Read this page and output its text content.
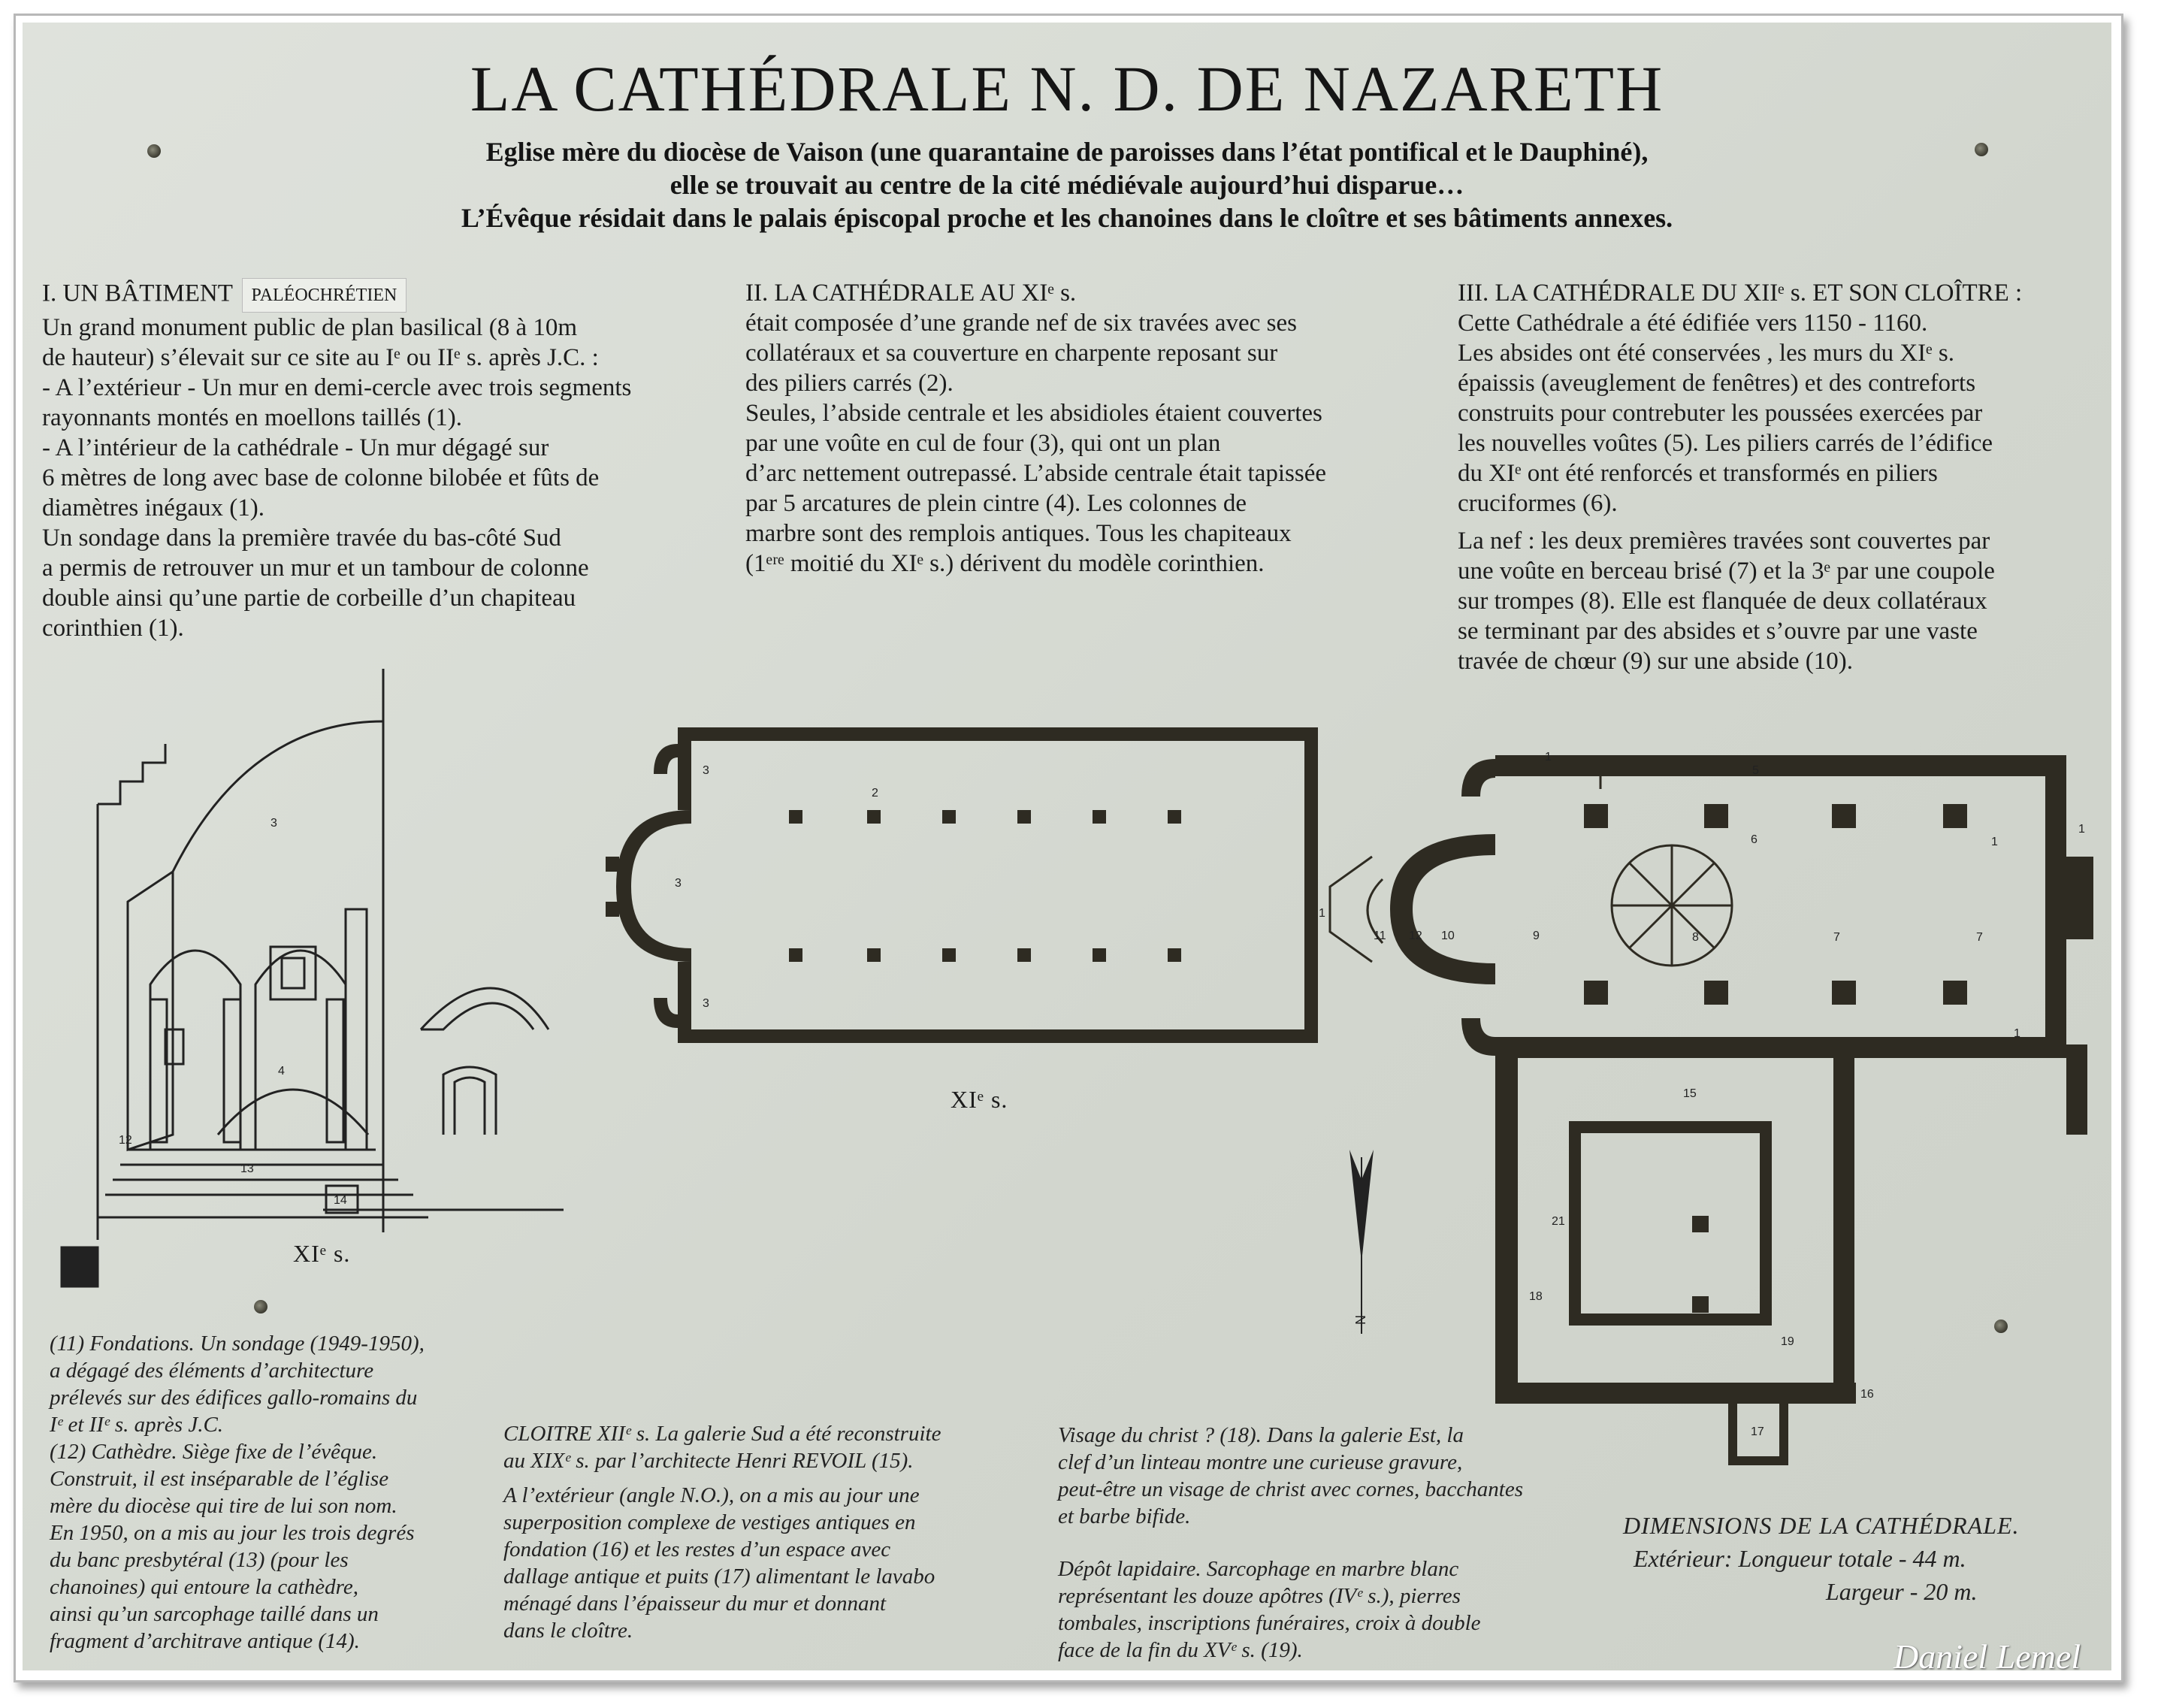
LA CATHÉDRALE N. D. DE NAZARETH
Eglise mère du diocèse de Vaison (une quarantaine de paroisses dans l’état pontifical et le Dauphiné),
elle se trouvait au centre de la cité médiévale aujourd’hui disparue…
L’Évêque résidait dans le palais épiscopal proche et les chanoines dans le cloître et ses bâtiments annexes.
I. UN BÂTIMENT PALÉOCHRÉTIEN
Un grand monument public de plan basilical (8 à 10m
de hauteur) s’élevait sur ce site au Iᵉ ou IIᵉ s. après J.C. :
- A l’extérieur - Un mur en demi-cercle avec trois segments
rayonnants montés en moellons taillés (1).
- A l’intérieur de la cathédrale - Un mur dégagé sur
6 mètres de long avec base de colonne bilobée et fûts de
diamètres inégaux (1).
Un sondage dans la première travée du bas-côté Sud
a permis de retrouver un mur et un tambour de colonne
double ainsi qu’une partie de corbeille d’un chapiteau
corinthien (1).
II. LA CATHÉDRALE AU XIᵉ s.
était composée d’une grande nef de six travées avec ses
collatéraux et sa couverture en charpente reposant sur
des piliers carrés (2).
Seules, l’abside centrale et les absidioles étaient couvertes
par une voûte en cul de four (3), qui ont un plan
d’arc nettement outrepassé. L’abside centrale était tapissée
par 5 arcatures de plein cintre (4). Les colonnes de
marbre sont des remplois antiques. Tous les chapiteaux
(1ᵉʳᵉ moitié du XIᵉ s.) dérivent du modèle corinthien.
III. LA CATHÉDRALE DU XIIᵉ s. ET SON CLOÎTRE :
Cette Cathédrale a été édifiée vers 1150 - 1160.
Les absides ont été conservées , les murs du XIᵉ s.
épaissis (aveuglement de fenêtres) et des contreforts
construits pour contrebuter les poussées exercées par
les nouvelles voûtes (5). Les piliers carrés de l’édifice
du XIᵉ ont été renforcés et transformés en piliers
cruciformes (6).
La nef : les deux premières travées sont couvertes par
une voûte en berceau brisé (7) et la 3ᵉ par une coupole
sur trompes (8). Elle est flanquée de deux collatéraux
se terminant par des absides et s’ouvre par une vaste
travée de chœur (9) sur une abside (10).
3
4
12
13
14
3
2
3
3
1
5
6	1
1
11 12 10	9	8	7	7
1
1
15
21
18
19
16
17
N
XIᵉ s.
XIᵉ s.
(11) Fondations. Un sondage (1949-1950),
a dégagé des éléments d’architecture
prélevés sur des édifices gallo-romains du
Iᵉ et IIᵉ s. après J.C.
(12) Cathèdre. Siège fixe de l’évêque.
Construit, il est inséparable de l’église
mère du diocèse qui tire de lui son nom.
En 1950, on a mis au jour les trois degrés
du banc presbytéral (13) (pour les
chanoines) qui entoure la cathèdre,
ainsi qu’un sarcophage taillé dans un
fragment d’architrave antique (14).
CLOITRE XIIᵉ s. La galerie Sud a été reconstruite
au XIXᵉ s. par l’architecte Henri REVOIL (15).
A l’extérieur (angle N.O.), on a mis au jour une
superposition complexe de vestiges antiques en
fondation (16) et les restes d’un espace avec
dallage antique et puits (17) alimentant le lavabo
ménagé dans l’épaisseur du mur et donnant
dans le cloître.
Visage du christ ? (18). Dans la galerie Est, la
clef d’un linteau montre une curieuse gravure,
peut-être un visage de christ avec cornes, bacchantes
et barbe bifide.
Dépôt lapidaire. Sarcophage en marbre blanc
représentant les douze apôtres (IVᵉ s.), pierres
tombales, inscriptions funéraires, croix à double
face de la fin du XVᵉ s. (19).
DIMENSIONS DE LA CATHÉDRALE.
Extérieur: Longueur totale - 44 m.
Largeur - 20 m.
Daniel Lemel
